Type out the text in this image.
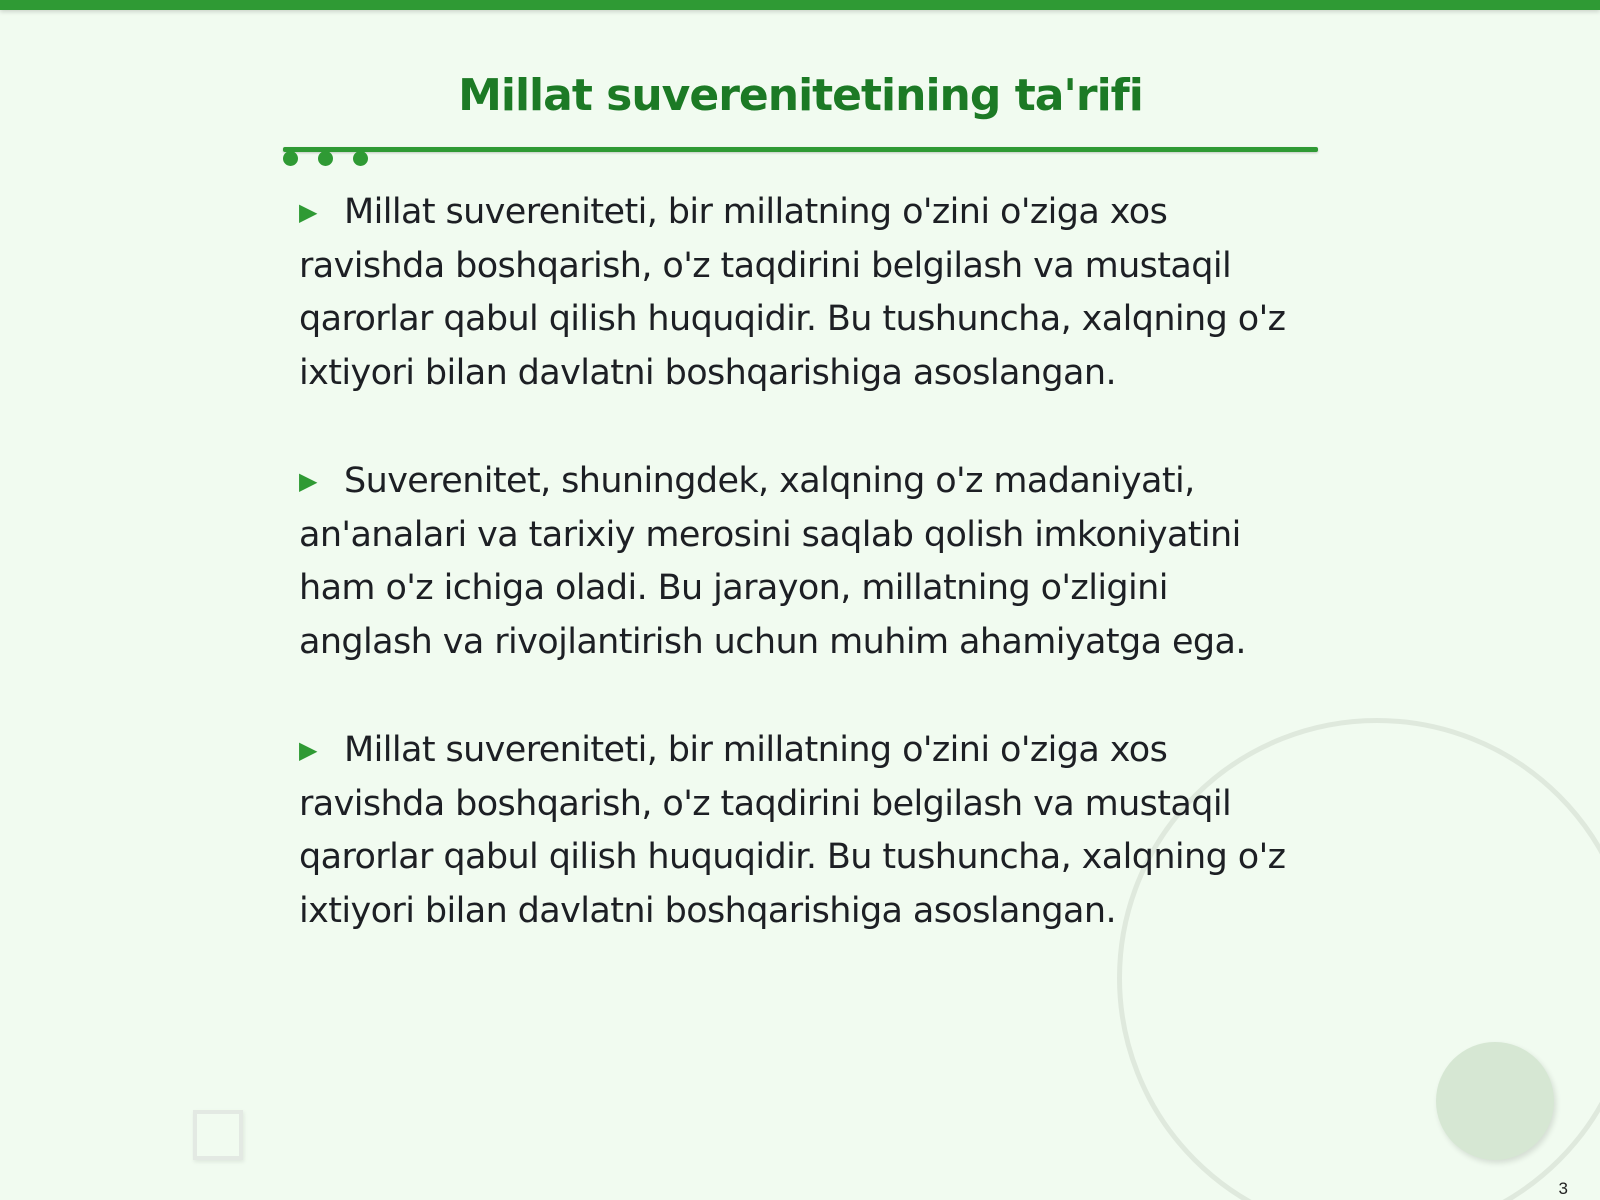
Millat suverenitetining ta'rifi

▶ Millat suvereniteti, bir millatning o'zini o'ziga xos ravishda boshqarish, o'z taqdirini belgilash va mustaqil qarorlar qabul qilish huquqidir. Bu tushuncha, xalqning o'z ixtiyori bilan davlatni boshqarishiga asoslangan.

▶ Suverenitet, shuningdek, xalqning o'z madaniyati, an'analari va tarixiy merosini saqlab qolish imkoniyatini ham o'z ichiga oladi. Bu jarayon, millatning o'zligini anglash va rivojlantirish uchun muhim ahamiyatga ega.

▶ Millat suvereniteti, bir millatning o'zini o'ziga xos ravishda boshqarish, o'z taqdirini belgilash va mustaqil qarorlar qabul qilish huquqidir. Bu tushuncha, xalqning o'z ixtiyori bilan davlatni boshqarishiga asoslangan.

3
